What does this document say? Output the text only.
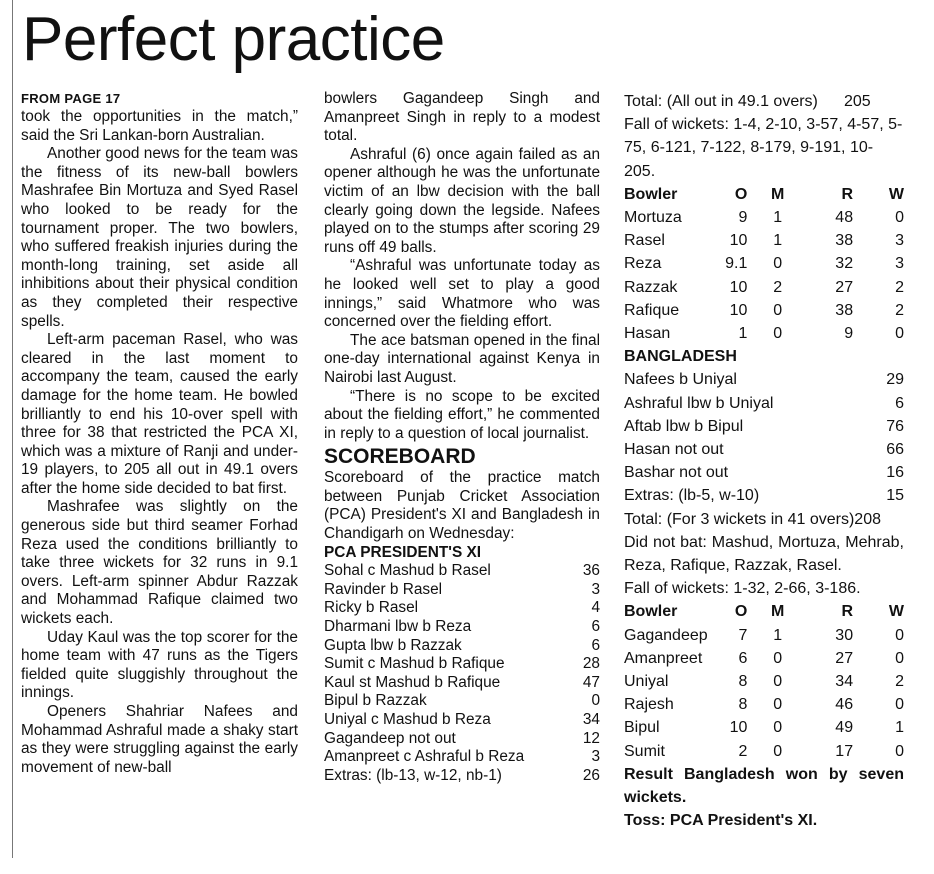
Perfect practice
FROM PAGE 17

took the opportunities in the match,” said the Sri Lankan-born Australian.

Another good news for the team was the fitness of its new-ball bowlers Mashrafee Bin Mortuza and Syed Rasel who looked to be ready for the tournament proper. The two bowlers, who suffered freakish injuries during the month-long training, set aside all inhibitions about their physical condition as they completed their respective spells.

Left-arm paceman Rasel, who was cleared in the last moment to accompany the team, caused the early damage for the home team. He bowled brilliantly to end his 10-over spell with three for 38 that restricted the PCA XI, which was a mixture of Ranji and under-19 players, to 205 all out in 49.1 overs after the home side decided to bat first.

Mashrafee was slightly on the generous side but third seamer Forhad Reza used the conditions brilliantly to take three wickets for 32 runs in 9.1 overs. Left-arm spinner Abdur Razzak and Mohammad Rafique claimed two wickets each.

Uday Kaul was the top scorer for the home team with 47 runs as the Tigers fielded quite sluggishly throughout the innings.

Openers Shahriar Nafees and Mohammad Ashraful made a shaky start as they were struggling against the early movement of new-ball

bowlers Gagandeep Singh and Amanpreet Singh in reply to a modest total.

Ashraful (6) once again failed as an opener although he was the unfortunate victim of an lbw decision with the ball clearly going down the legside. Nafees played on to the stumps after scoring 29 runs off 49 balls.

“Ashraful was unfortunate today as he looked well set to play a good innings,” said Whatmore who was concerned over the fielding effort.

The ace batsman opened in the final one-day international against Kenya in Nairobi last August.

“There is no scope to be excited about the fielding effort,” he commented in reply to a question of local journalist.

SCOREBOARD

Scoreboard of the practice match between Punjab Cricket Association (PCA) President's XI and Bangladesh in Chandigarh on Wednesday:

PCA PRESIDENT'S XI
Sohal c Mashud b Rasel	36
Ravinder b Rasel	3
Ricky b Rasel	4
Dharmani lbw b Reza	6
Gupta lbw b Razzak	6
Sumit c Mashud b Rafique	28
Kaul st Mashud b Rafique	47
Bipul b Razzak	0
Uniyal c Mashud b Reza	34
Gagandeep not out	12
Amanpreet c Ashraful b Reza	3
Extras: (lb-13, w-12, nb-1)	26
Total: (All out in 49.1 overs)	205
Fall of wickets: 1-4, 2-10, 3-57, 4-57, 5-75, 6-121, 7-122, 8-179, 9-191, 10-205.
Bowler	O	M	R	W
Mortuza	9	1	48	0
Rasel	10	1	38	3
Reza	9.1	0	32	3
Razzak	10	2	27	2
Rafique	10	0	38	2
Hasan	1	0	9	0
BANGLADESH
Nafees b Uniyal	29
Ashraful lbw b Uniyal	6
Aftab lbw b Bipul	76
Hasan not out	66
Bashar not out	16
Extras: (lb-5, w-10)	15
Total: (For 3 wickets in 41 overs)208
Did not bat: Mashud, Mortuza, Mehrab, Reza, Rafique, Razzak, Rasel.
Fall of wickets: 1-32, 2-66, 3-186.
Bowler	O	M	R	W
Gagandeep	7	1	30	0
Amanpreet	6	0	27	0
Uniyal	8	0	34	2
Rajesh	8	0	46	0
Bipul	10	0	49	1
Sumit	2	0	17	0
Result Bangladesh won by seven wickets.
Toss: PCA President's XI.
